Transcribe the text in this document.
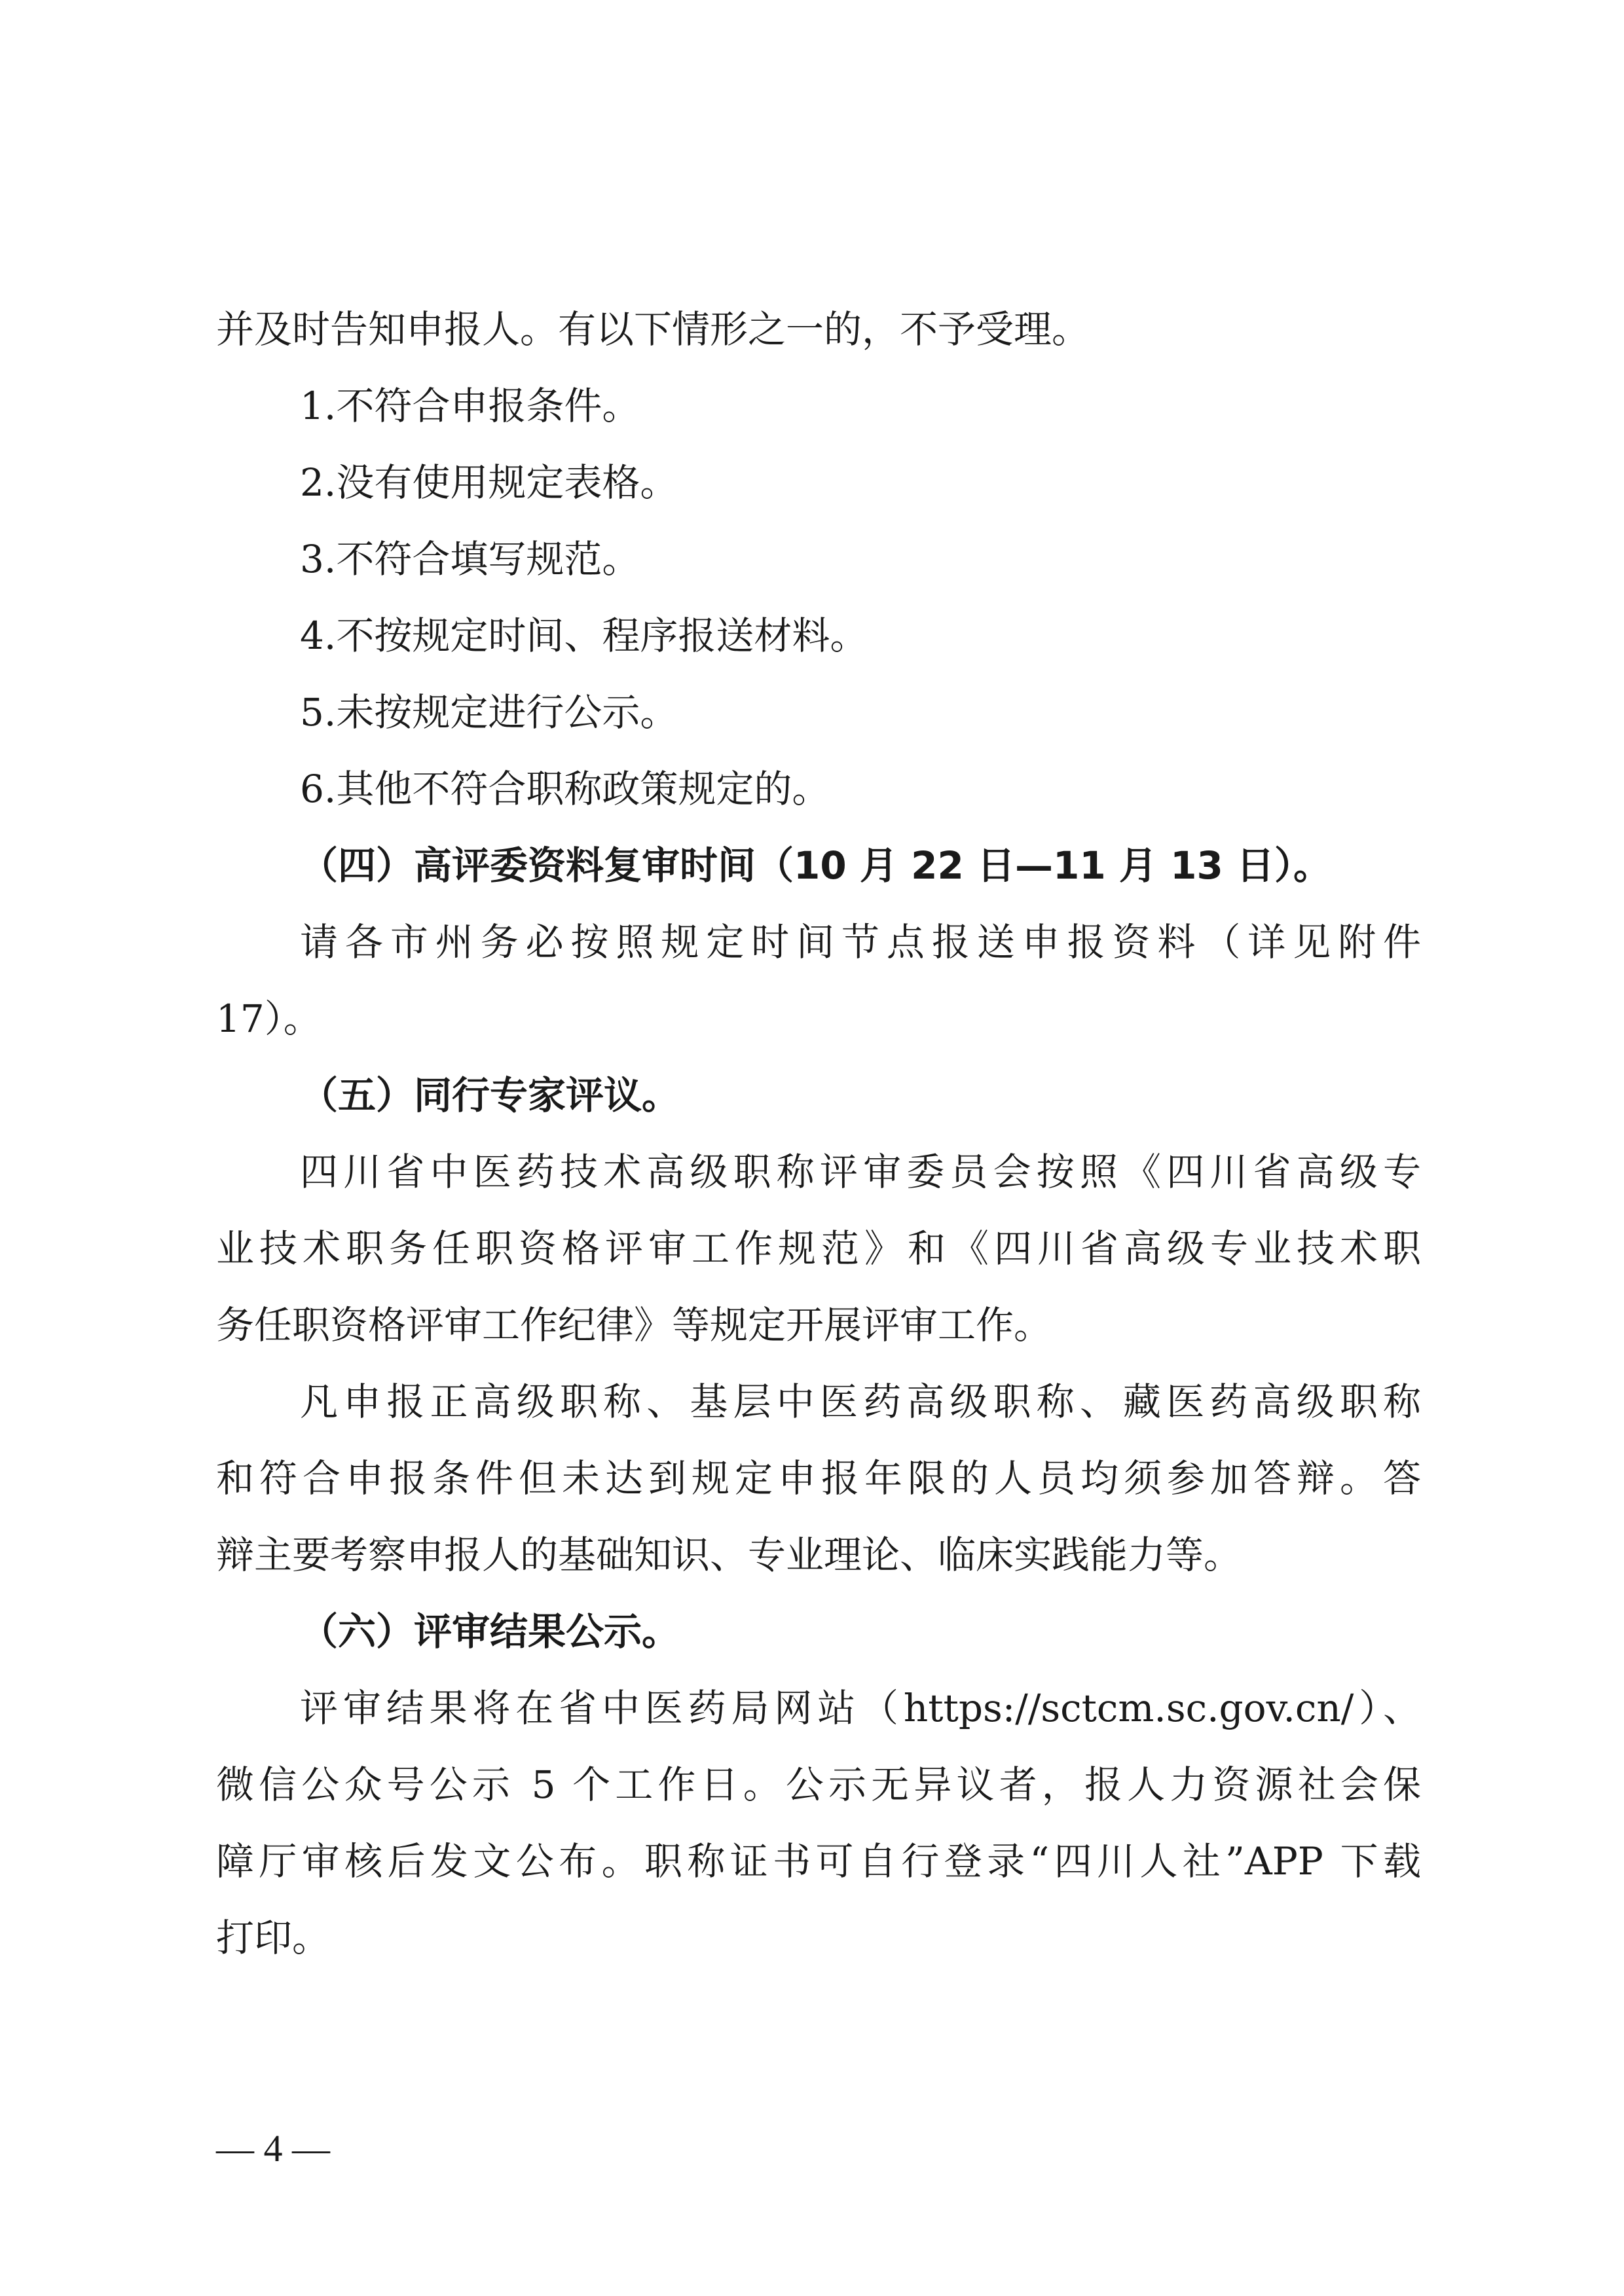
并及时告知申报人。有以下情形之一的，不予受理。
1.不符合申报条件。
2.没有使用规定表格。
3.不符合填写规范。
4.不按规定时间、程序报送材料。
5.未按规定进行公示。
6.其他不符合职称政策规定的。
（四）高评委资料复审时间（10 月 22 日—11 月 13 日）。
请各市州务必按照规定时间节点报送申报资料（详见附件
17）。
（五）同行专家评议。
四川省中医药技术高级职称评审委员会按照《四川省高级专
业技术职务任职资格评审工作规范》和《四川省高级专业技术职
务任职资格评审工作纪律》等规定开展评审工作。
凡申报正高级职称、基层中医药高级职称、藏医药高级职称
和符合申报条件但未达到规定申报年限的人员均须参加答辩。答
辩主要考察申报人的基础知识、专业理论、临床实践能力等。
（六）评审结果公示。
评审结果将在省中医药局网站（https://sctcm.sc.gov.cn/）、
微信公众号公示 5 个工作日。公示无异议者，报人力资源社会保
障厅审核后发文公布。职称证书可自行登录“四川人社”APP 下载
打印。
— 4 —
